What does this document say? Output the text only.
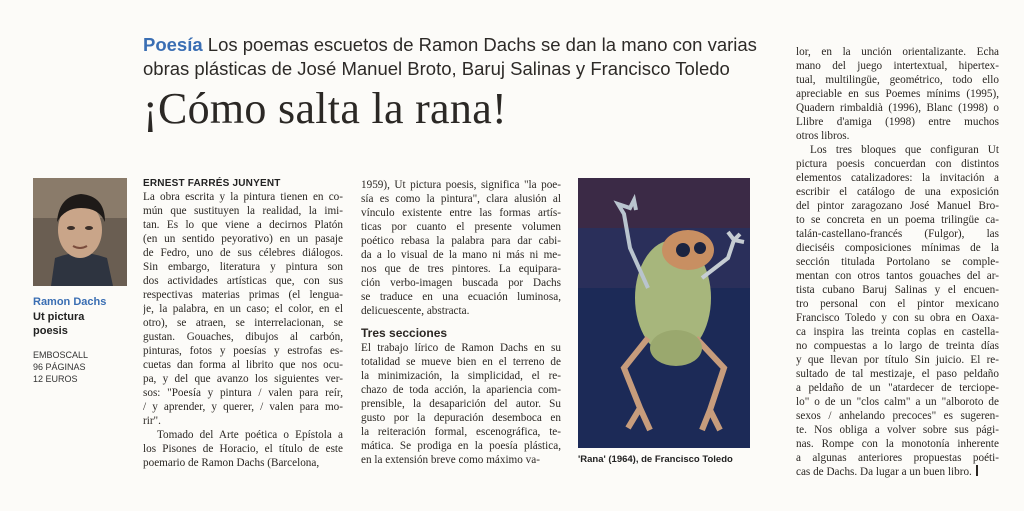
Poesía Los poemas escuetos de Ramon Dachs se dan la mano con varias
obras plásticas de José Manuel Broto, Baruj Salinas y Francisco Toledo
¡Cómo salta la rana!
Ramon Dachs
Ut pictura
poesis
EMBOSCALL
96 PÁGINAS
12 EUROS
ERNEST FARRÉS JUNYENT
La obra escrita y la pintura tienen en co-
mún que sustituyen la realidad, la imi-
tan. Es lo que viene a decirnos Platón
(en un sentido peyorativo) en un pasaje
de Fedro, uno de sus célebres diálogos.
Sin embargo, literatura y pintura son
dos actividades artísticas que, con sus
respectivas materias primas (el lengua-
je, la palabra, en un caso; el color, en el
otro), se atraen, se interrelacionan, se
gustan. Gouaches, dibujos al carbón,
pinturas, fotos y poesías y estrofas es-
cuetas dan forma al librito que nos ocu-
pa, y del que avanzo los siguientes ver-
sos: "Poesía y pintura / valen para reír,
/ y aprender, y querer, / valen para mo-
rir".
Tomado del Arte poética o Epístola a
los Pisones de Horacio, el título de este
poemario de Ramon Dachs (Barcelona,
1959), Ut pictura poesis, significa "la poe-
sía es como la pintura", clara alusión al
vínculo existente entre las formas artís-
ticas por cuanto el presente volumen
poético rebasa la palabra para dar cabi-
da a lo visual de la mano ni más ni me-
nos que de tres pintores. La equipara-
ción verbo-imagen buscada por Dachs
se traduce en una ecuación luminosa,
delicuescente, abstracta.
Tres secciones
El trabajo lírico de Ramon Dachs en su
totalidad se mueve bien en el terreno de
la minimización, la simplicidad, el re-
chazo de toda acción, la apariencia com-
prensible, la desaparición del autor. Su
gusto por la depuración desemboca en
la reiteración formal, escenográfica, te-
mática. Se prodiga en la poesía plástica,
en la extensión breve como máximo va-	'Rana' (1964), de Francisco Toledo
lor, en la unción orientalizante. Echa
mano del juego intertextual, hipertex-
tual, multilingüe, geométrico, todo ello
apreciable en sus Poemes mínims (1995),
Quadern rimbaldià (1996), Blanc (1998) o
Llibre d'amiga (1998) entre muchos
otros libros.
Los tres bloques que configuran Ut
pictura poesis concuerdan con distintos
elementos catalizadores: la invitación a
escribir el catálogo de una exposición
del pintor zaragozano José Manuel Bro-
to se concreta en un poema trilingüe ca-
talán-castellano-francés (Fulgor), las
dieciséis composiciones mínimas de la
sección titulada Portolano se comple-
mentan con otros tantos gouaches del ar-
tista cubano Baruj Salinas y el encuen-
tro personal con el pintor mexicano
Francisco Toledo y con su obra en Oaxa-
ca inspira las treinta coplas en castella-
no compuestas a lo largo de treinta días
y que llevan por título Sin juicio. El re-
sultado de tal mestizaje, el paso peldaño
a peldaño de un "atardecer de terciope-
lo" o de un "clos calm" a un "alboroto de
sexos / anhelando precoces" es sugeren-
te. Nos obliga a volver sobre sus pági-
nas. Rompe con la monotonía inherente
a algunas anteriores propuestas poéti-
cas de Dachs. Da lugar a un buen libro.
